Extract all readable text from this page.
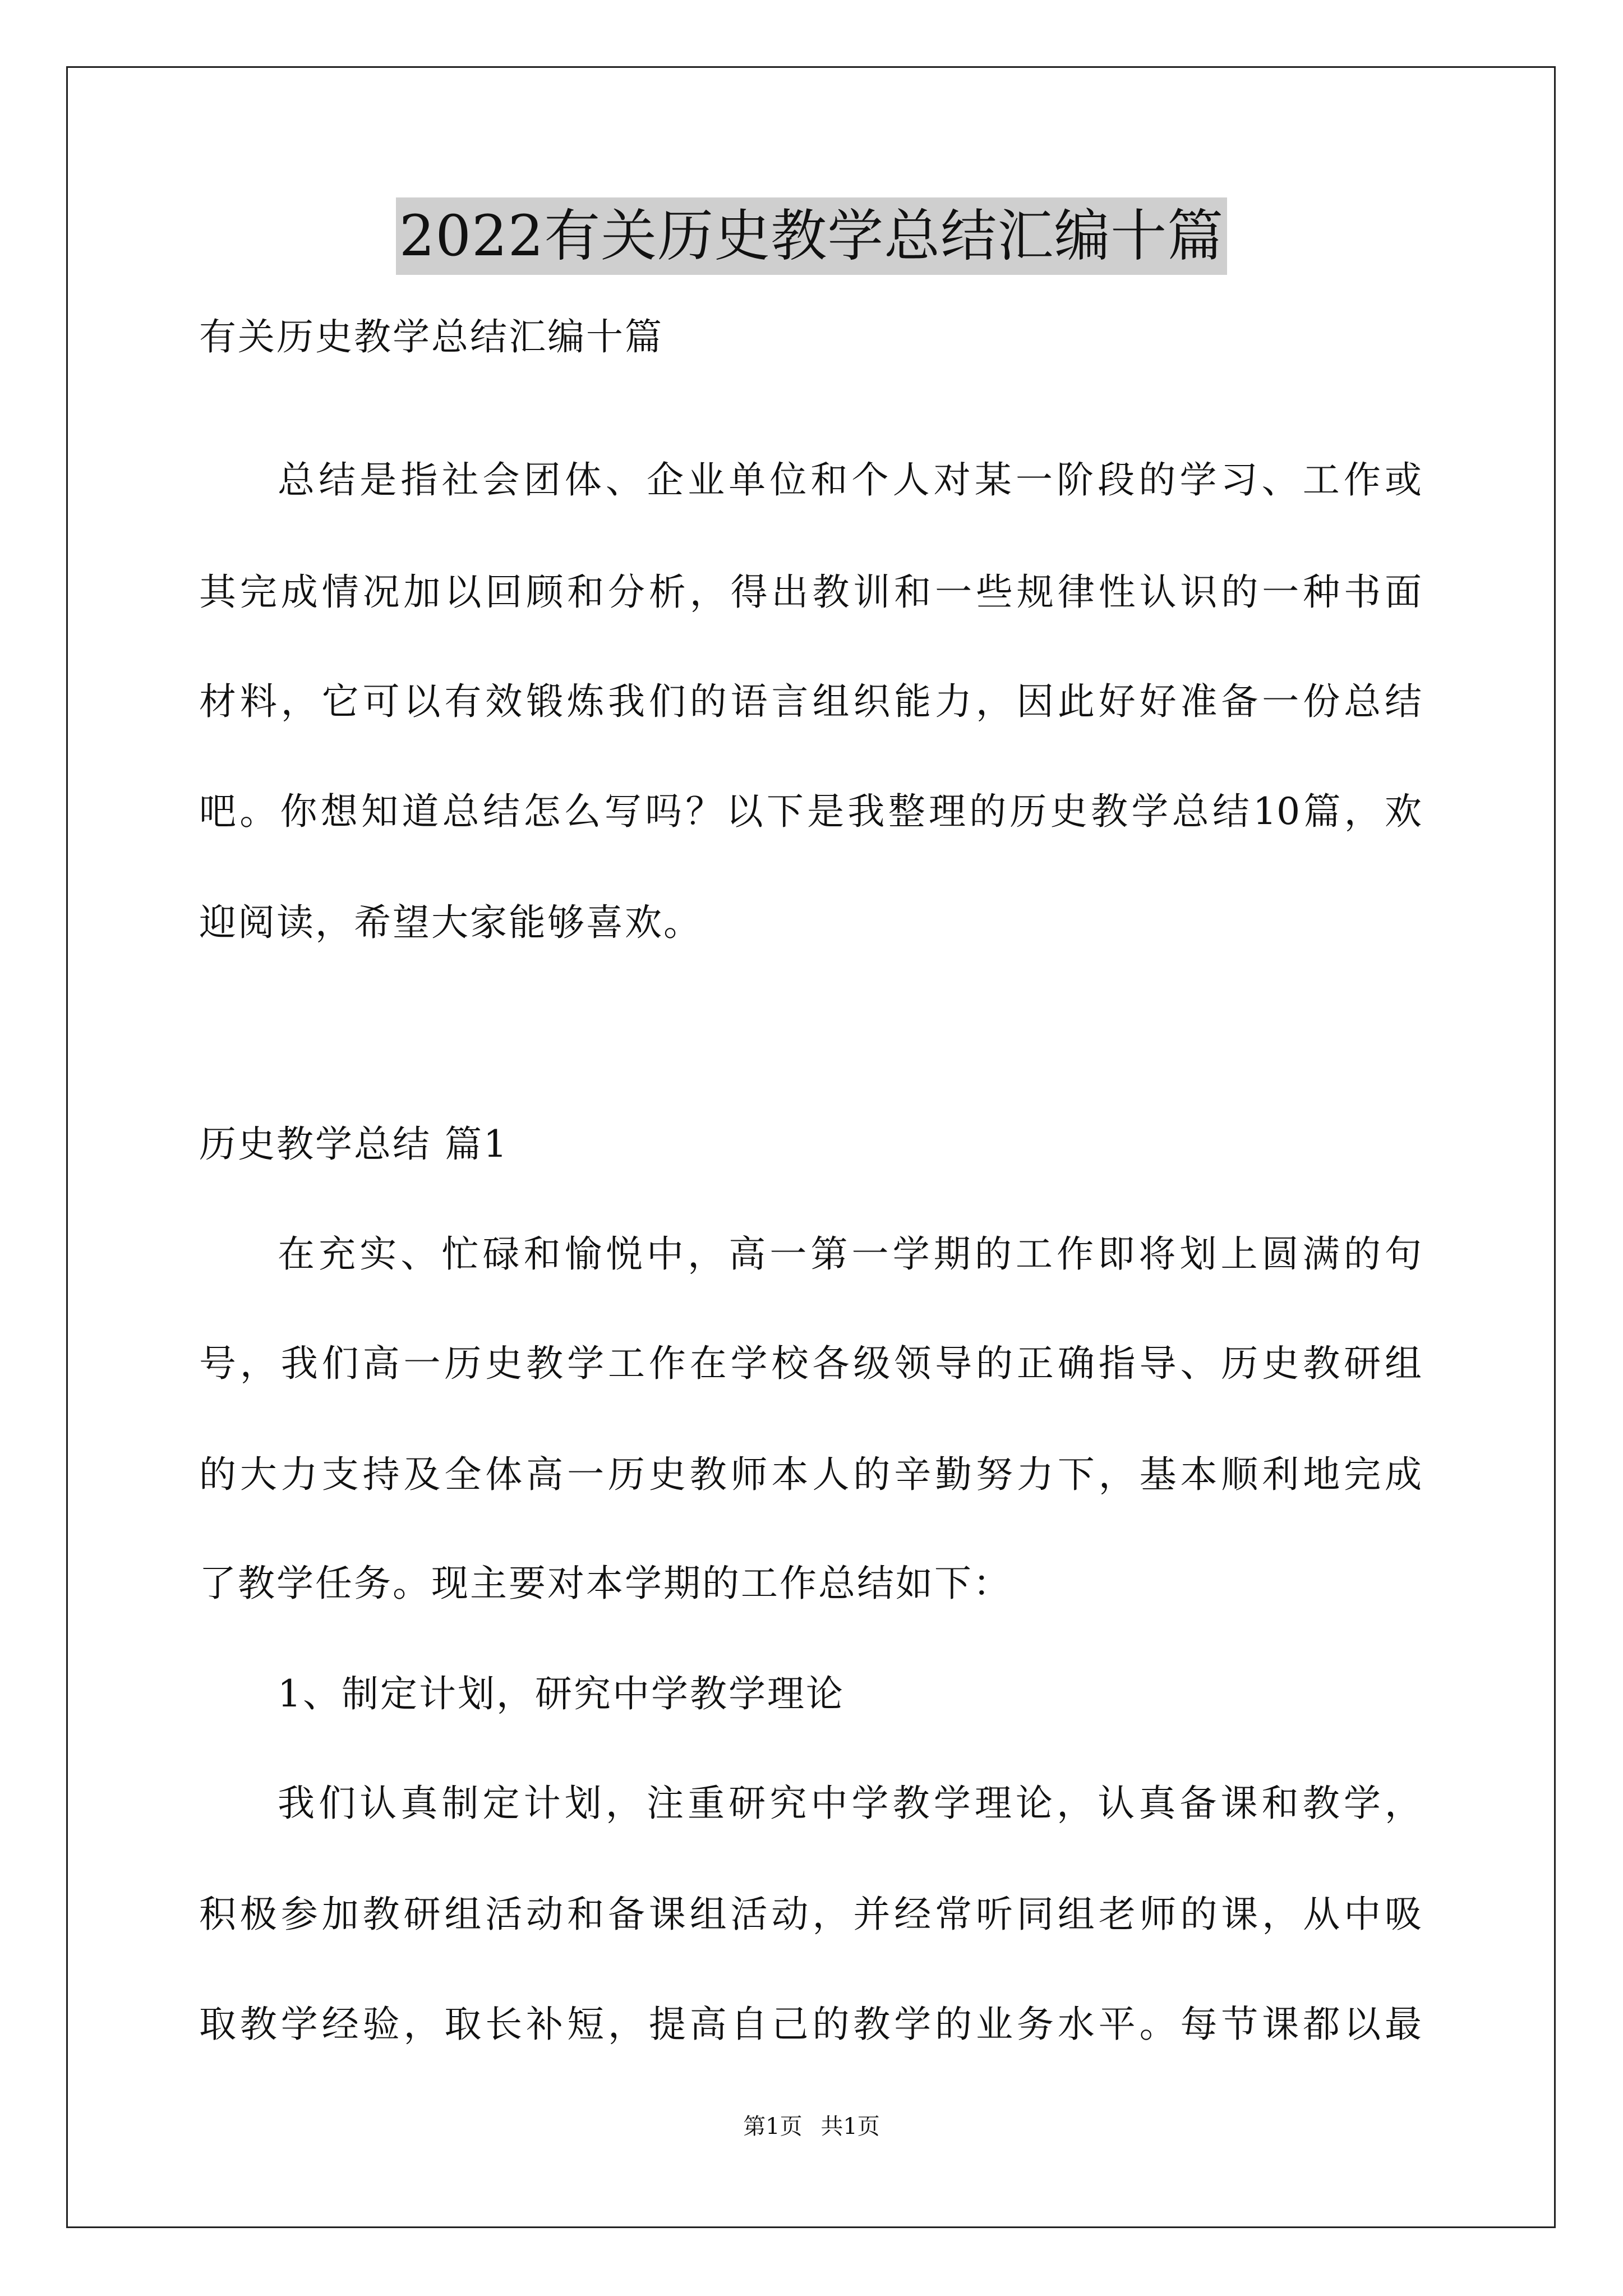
2022有关历史教学总结汇编十篇
有关历史教学总结汇编十篇
总结是指社会团体、企业单位和个人对某一阶段的学习、工作或
其完成情况加以回顾和分析，得出教训和一些规律性认识的一种书面
材料，它可以有效锻炼我们的语言组织能力，因此好好准备一份总结
吧。你想知道总结怎么写吗？以下是我整理的历史教学总结10篇，欢
迎阅读，希望大家能够喜欢。
历史教学总结 篇1
在充实、忙碌和愉悦中，高一第一学期的工作即将划上圆满的句
号，我们高一历史教学工作在学校各级领导的正确指导、历史教研组
的大力支持及全体高一历史教师本人的辛勤努力下，基本顺利地完成
了教学任务。现主要对本学期的工作总结如下：
1、制定计划，研究中学教学理论
我们认真制定计划，注重研究中学教学理论，认真备课和教学，
积极参加教研组活动和备课组活动，并经常听同组老师的课，从中吸
取教学经验，取长补短，提高自己的教学的业务水平。每节课都以最
第1页 共1页
